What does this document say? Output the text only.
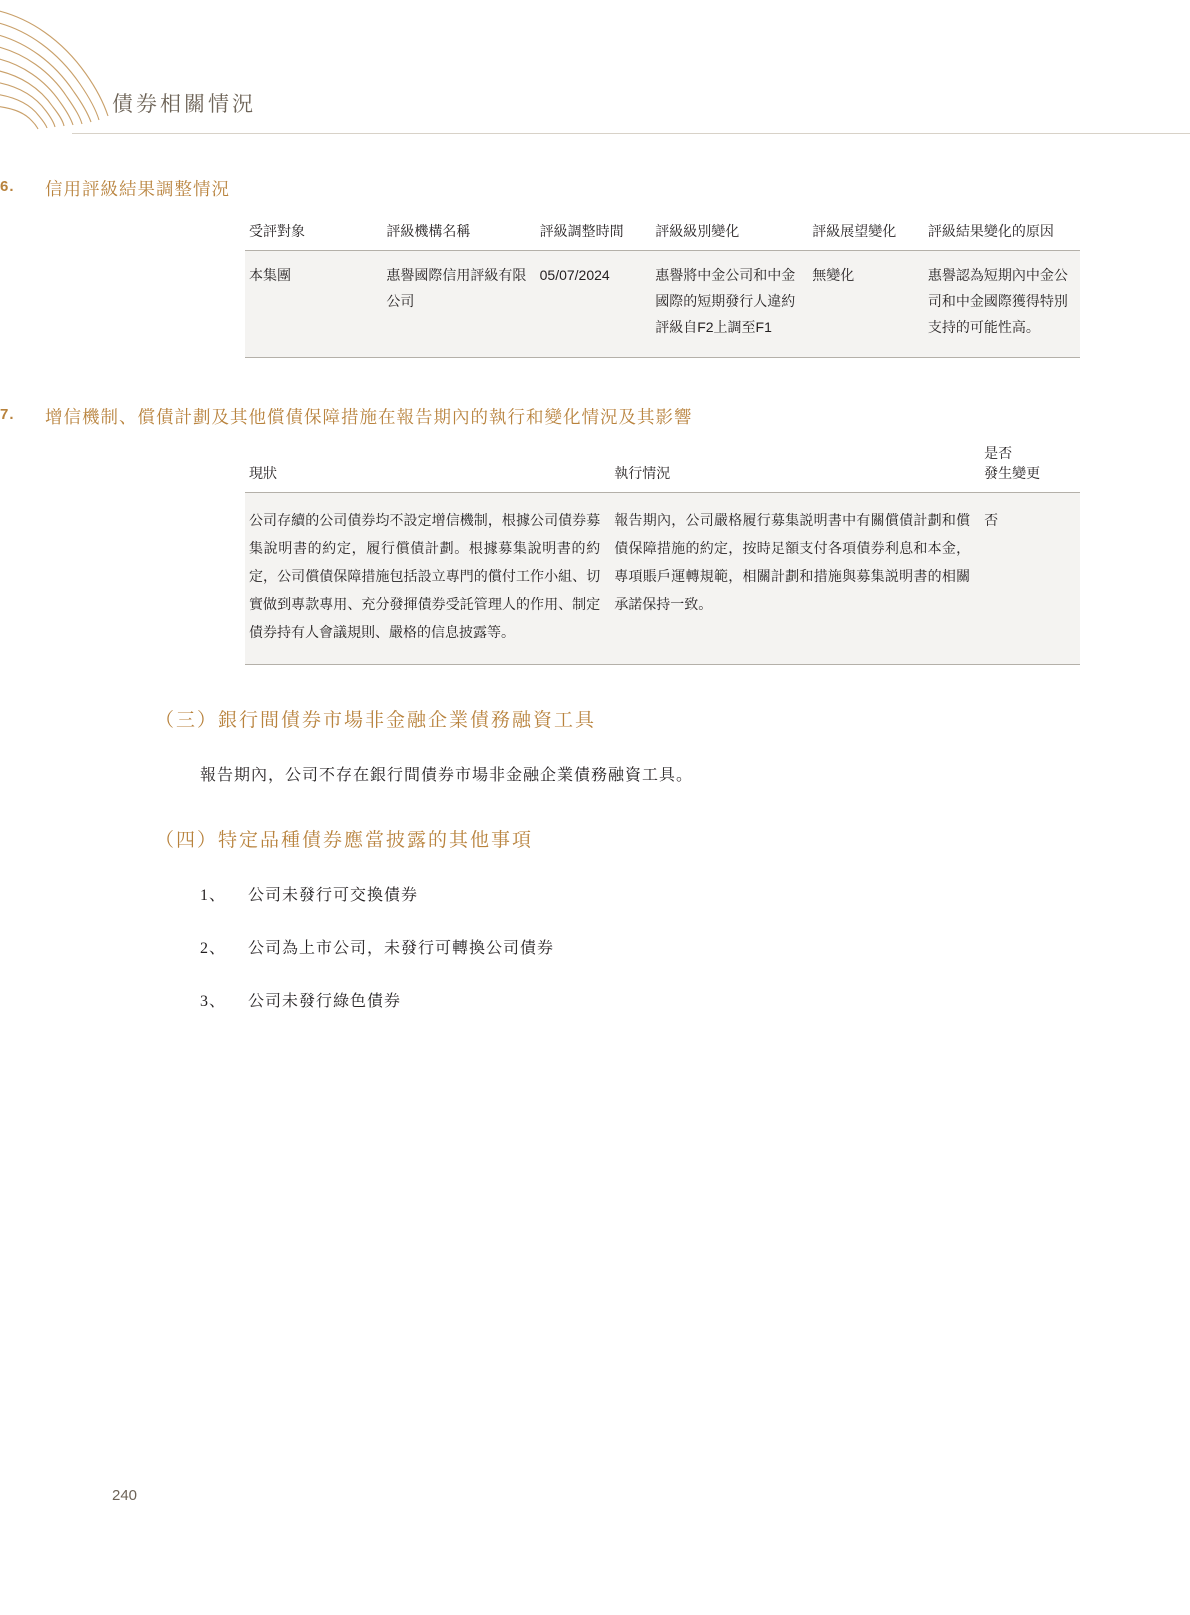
債券相關情況
6.	信用評級結果調整情況
受評對象	評級機構名稱	評級調整時間	評級級別變化	評級展望變化	評級結果變化的原因
本集團	惠譽國際信用評級有限公司	05/07/2024	惠譽將中金公司和中金國際的短期發行人違約評級自F2上調至F1	無變化	惠譽認為短期內中金公司和中金國際獲得特別支持的可能性高。
7.	增信機制、償債計劃及其他償債保障措施在報告期內的執行和變化情況及其影響
現狀	執行情況	是否
發生變更

公司存續的公司債券均不設定增信機制，根據公司債券募集說明書的約定，履行償債計劃。根據募集說明書的約定，公司償債保障措施包括設立專門的償付工作小組、切實做到專款專用、充分發揮債券受託管理人的作用、制定債券持有人會議規則、嚴格的信息披露等。	報告期內，公司嚴格履行募集説明書中有關償債計劃和償債保障措施的約定，按時足額支付各項債券利息和本金，專項賬戶運轉規範，相關計劃和措施與募集説明書的相關承諾保持一致。	否
（三）銀行間債券市場非金融企業債務融資工具
報告期內，公司不存在銀行間債券市場非金融企業債務融資工具。
（四）特定品種債券應當披露的其他事項
1、	公司未發行可交換債券
2、	公司為上市公司，未發行可轉換公司債券
3、	公司未發行綠色債券
240
